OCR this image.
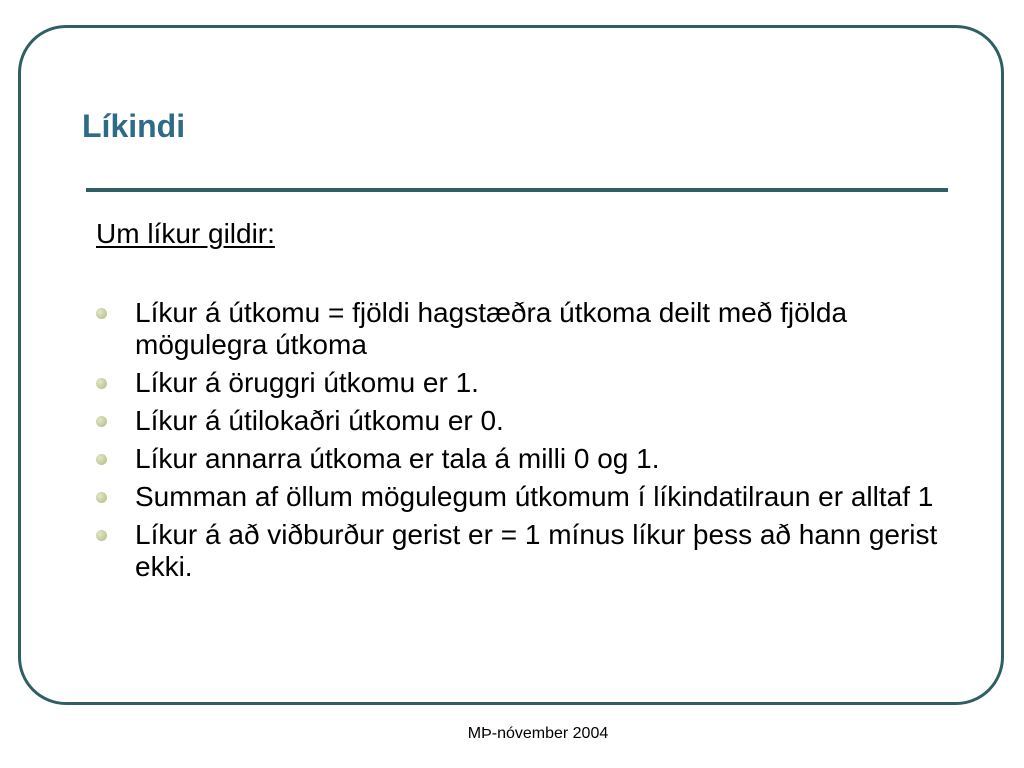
Líkindi

Um líkur gildir:

Líkur á útkomu = fjöldi hagstæðra útkoma deilt með fjölda mögulegra útkoma
Líkur á öruggri útkomu er 1.
Líkur á útilokaðri útkomu er 0.
Líkur annarra útkoma er tala á milli 0 og 1.
Summan af öllum mögulegum útkomum í líkindatilraun er alltaf 1
Líkur á að viðburður gerist er = 1 mínus líkur þess að hann gerist ekki.

MÞ-nóvember 2004
